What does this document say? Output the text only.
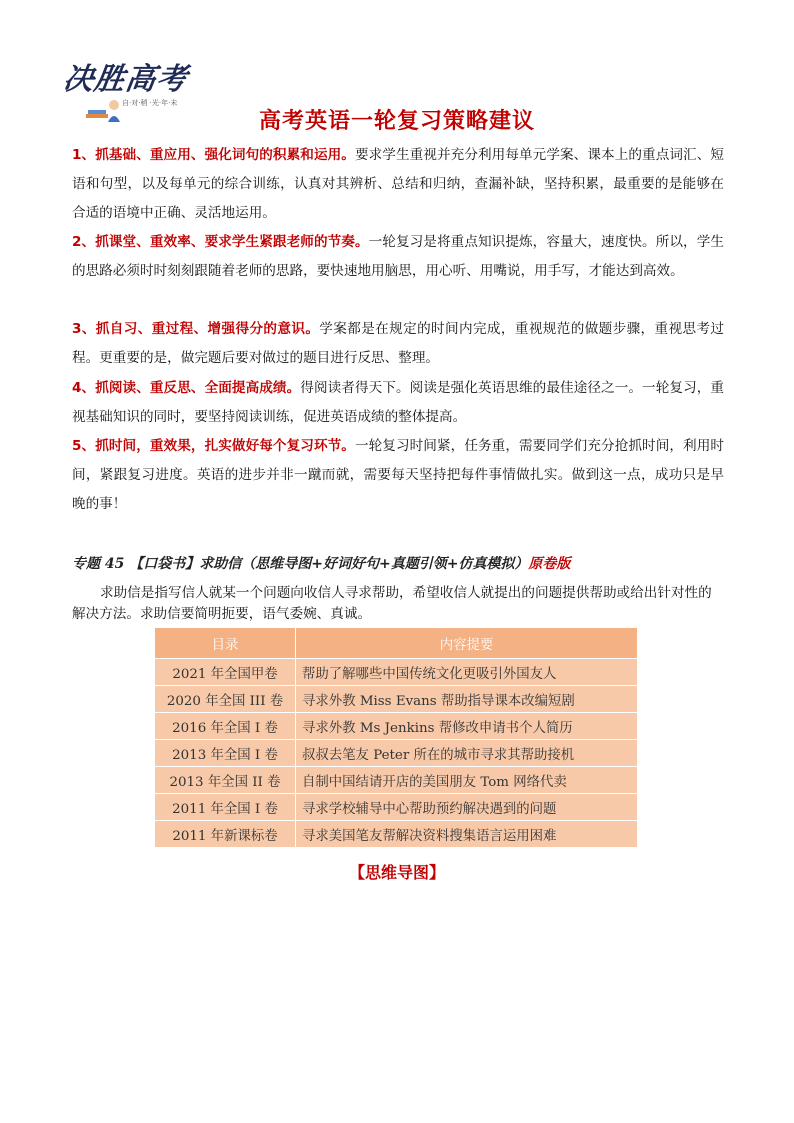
决胜高考
自·对·稍 ·光·年·未
高考英语一轮复习策略建议

1、抓基础、重应用、强化词句的积累和运用。要求学生重视并充分利用每单元学案、课本上的重点词汇、短语和句型，以及每单元的综合训练，认真对其辨析、总结和归纳，查漏补缺，坚持积累，最重要的是能够在合适的语境中正确、灵活地运用。

2、抓课堂、重效率、要求学生紧跟老师的节奏。一轮复习是将重点知识提炼，容量大，速度快。所以，学生的思路必须时时刻刻跟随着老师的思路，要快速地用脑思，用心听、用嘴说，用手写，才能达到高效。

3、抓自习、重过程、增强得分的意识。学案都是在规定的时间内完成，重视规范的做题步骤，重视思考过程。更重要的是，做完题后要对做过的题目进行反思、整理。

4、抓阅读、重反思、全面提高成绩。得阅读者得天下。阅读是强化英语思维的最佳途径之一。一轮复习，重视基础知识的同时，要坚持阅读训练，促进英语成绩的整体提高。

5、抓时间，重效果，扎实做好每个复习环节。一轮复习时间紧，任务重，需要同学们充分抢抓时间，利用时间，紧跟复习进度。英语的进步并非一蹴而就，需要每天坚持把每件事情做扎实。做到这一点，成功只是早晚的事！

专题 45 【口袋书】求助信（思维导图+好词好句+真题引领+仿真模拟）原卷版

求助信是指写信人就某一个问题向收信人寻求帮助，希望收信人就提出的问题提供帮助或给出针对性的解决方法。求助信要简明扼要，语气委婉、真诚。

目录	内容提要
2021 年全国甲卷	帮助了解哪些中国传统文化更吸引外国友人
2020 年全国 III 卷	寻求外教 Miss Evans 帮助指导课本改编短剧
2016 年全国 I 卷	寻求外教 Ms Jenkins 帮修改申请书个人简历
2013 年全国 I 卷	叔叔去笔友 Peter 所在的城市寻求其帮助接机
2013 年全国 II 卷	自制中国结请开店的美国朋友 Tom 网络代卖
2011 年全国 I 卷	寻求学校辅导中心帮助预约解决遇到的问题
2011 年新课标卷	寻求美国笔友帮解决资料搜集语言运用困难
【思维导图】
